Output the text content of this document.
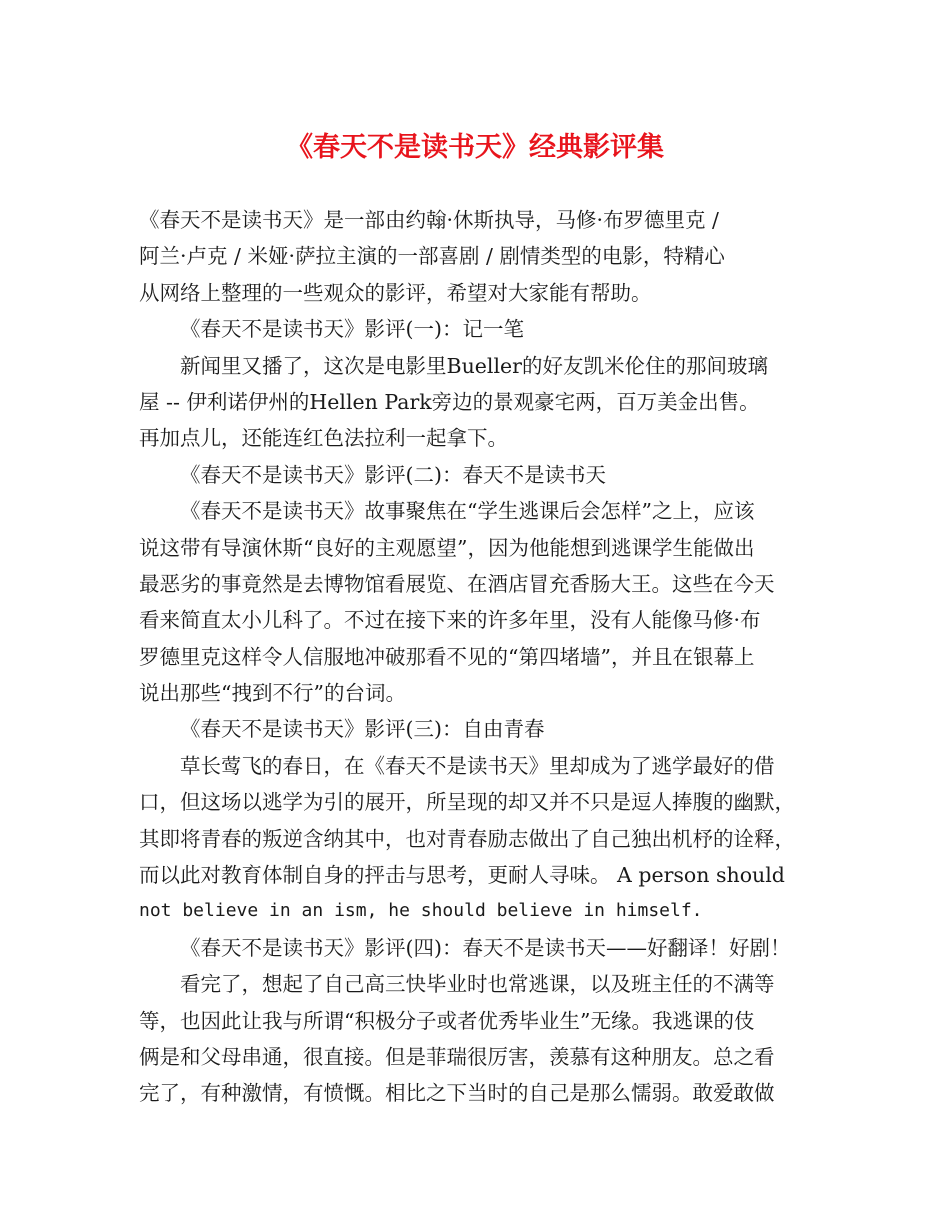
《春天不是读书天》经典影评集
《春天不是读书天》是一部由约翰·休斯执导，马修·布罗德里克 /
阿兰·卢克 / 米娅·萨拉主演的一部喜剧 / 剧情类型的电影，特精心
从网络上整理的一些观众的影评，希望对大家能有帮助。
《春天不是读书天》影评(一)：记一笔
新闻里又播了，这次是电影里Bueller的好友凯米伦住的那间玻璃
屋 -- 伊利诺伊州的Hellen Park旁边的景观豪宅两，百万美金出售。
再加点儿，还能连红色法拉利一起拿下。
《春天不是读书天》影评(二)：春天不是读书天
《春天不是读书天》故事聚焦在“学生逃课后会怎样”之上，应该
说这带有导演休斯“良好的主观愿望”，因为他能想到逃课学生能做出
最恶劣的事竟然是去博物馆看展览、在酒店冒充香肠大王。这些在今天
看来简直太小儿科了。不过在接下来的许多年里，没有人能像马修·布
罗德里克这样令人信服地冲破那看不见的“第四堵墙”，并且在银幕上
说出那些“拽到不行”的台词。
《春天不是读书天》影评(三)：自由青春
草长莺飞的春日，在《春天不是读书天》里却成为了逃学最好的借
口，但这场以逃学为引的展开，所呈现的却又并不只是逗人捧腹的幽默，
其即将青春的叛逆含纳其中，也对青春励志做出了自己独出机杼的诠释，
而以此对教育体制自身的抨击与思考，更耐人寻味。 A person should
not believe in an ism, he should believe in himself.
《春天不是读书天》影评(四)：春天不是读书天——好翻译！好剧！
看完了，想起了自己高三快毕业时也常逃课，以及班主任的不满等
等，也因此让我与所谓“积极分子或者优秀毕业生”无缘。我逃课的伎
俩是和父母串通，很直接。但是菲瑞很厉害，羡慕有这种朋友。总之看
完了，有种激情，有愤慨。相比之下当时的自己是那么懦弱。敢爱敢做
